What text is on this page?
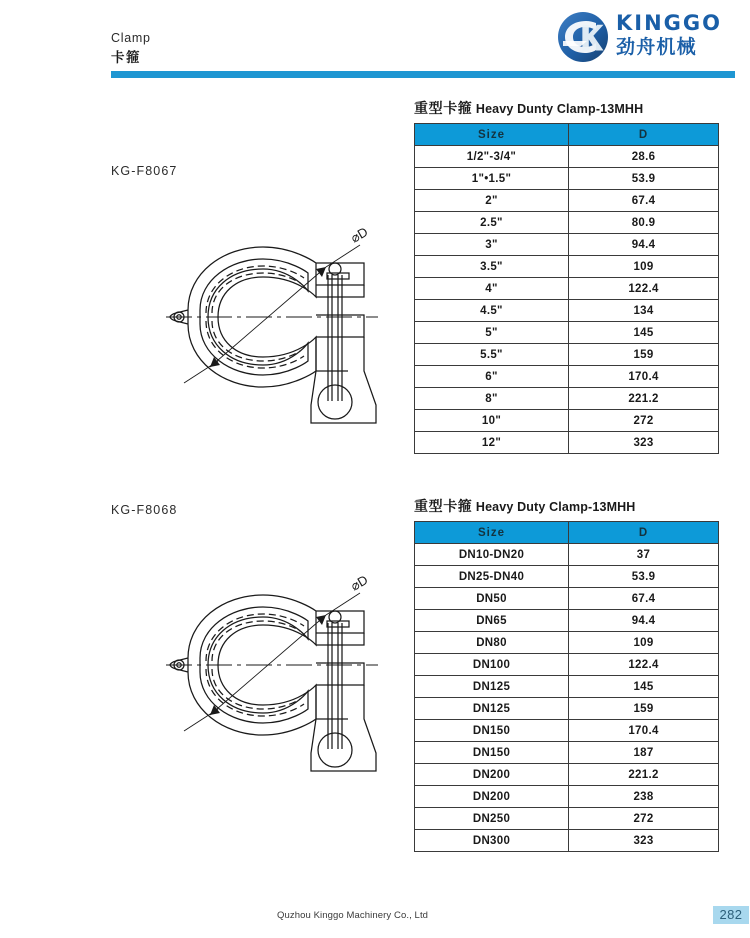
Clamp
卡箍
KINGGO
劲舟机械
KG-F8067
⌀D
重型卡箍 Heavy Dunty Clamp-13MHH
Size	D
1/2"-3/4"	28.6
1"•1.5"	53.9
2"	67.4
2.5"	80.9
3"	94.4
3.5"	109
4"	122.4
4.5"	134
5"	145
5.5"	159
6"	170.4
8"	221.2
10"	272
12"	323
KG-F8068
⌀D
重型卡箍 Heavy Duty Clamp-13MHH
Size	D
DN10-DN20	37
DN25-DN40	53.9
DN50	67.4
DN65	94.4
DN80	109
DN100	122.4
DN125	145
DN125	159
DN150	170.4
DN150	187
DN200	221.2
DN200	238
DN250	272
DN300	323
Quzhou Kinggo Machinery Co., Ltd	282
